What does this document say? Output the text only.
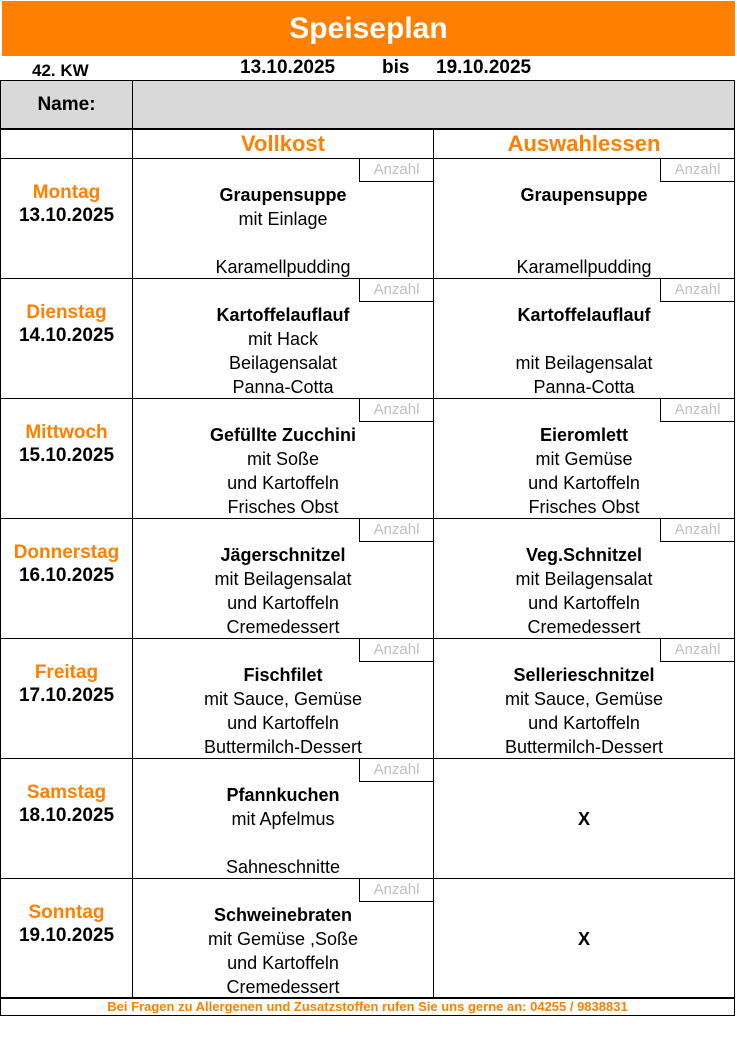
Speiseplan
42. KW	13.10.2025 bis 19.10.2025
Name:
Vollkost	Auswahlessen
Montag
13.10.2025
Anzahl
Graupensuppe
mit Einlage
Karamellpudding
Anzahl
Graupensuppe
Karamellpudding
Dienstag
14.10.2025
Anzahl
Kartoffelauflauf
mit Hack
Beilagensalat
Panna-Cotta
Anzahl
Kartoffelauflauf
mit Beilagensalat
Panna-Cotta
Mittwoch
15.10.2025
Anzahl
Gefüllte Zucchini
mit Soße
und Kartoffeln
Frisches Obst
Anzahl
Eieromlett
mit Gemüse
und Kartoffeln
Frisches Obst
Donnerstag
16.10.2025
Anzahl
Jägerschnitzel
mit Beilagensalat
und Kartoffeln
Cremedessert
Anzahl
Veg.Schnitzel
mit Beilagensalat
und Kartoffeln
Cremedessert
Freitag
17.10.2025
Anzahl
Fischfilet
mit Sauce, Gemüse
und Kartoffeln
Buttermilch-Dessert
Anzahl
Sellerieschnitzel
mit Sauce, Gemüse
und Kartoffeln
Buttermilch-Dessert
Samstag
18.10.2025
Anzahl
Pfannkuchen
mit Apfelmus
Sahneschnitte
X
Sonntag
19.10.2025
Anzahl
Schweinebraten
mit Gemüse ,Soße
und Kartoffeln
Cremedessert
X
Bei Fragen zu Allergenen und Zusatzstoffen rufen Sie uns gerne an: 04255 / 9838831
